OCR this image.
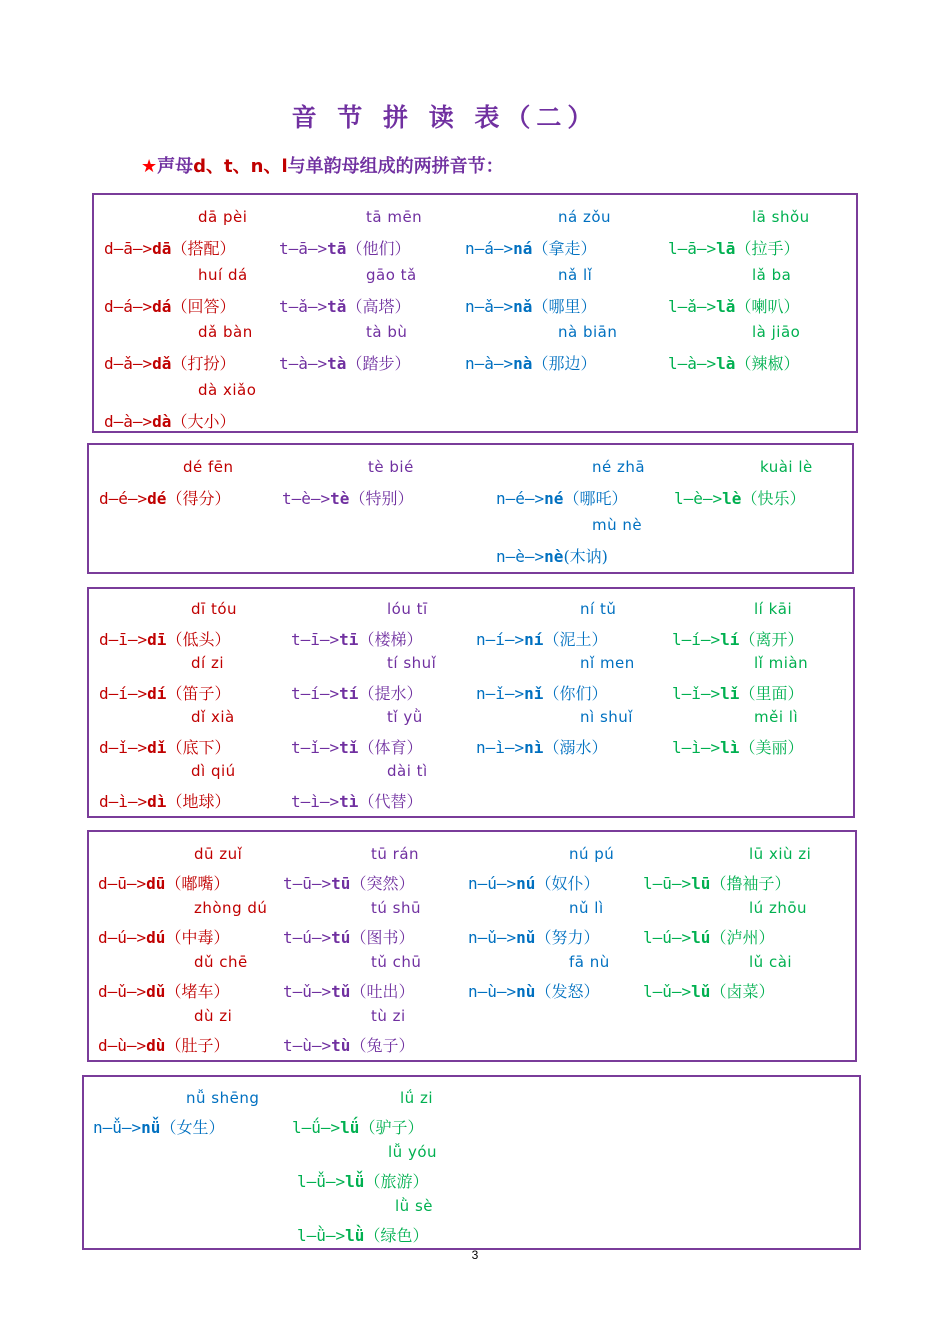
音 节 拼 读 表（二）
★声母d、t、n、l与单韵母组成的两拼音节：
dā pèi
d—ā—>dā（搭配）
huí dá
d—á—>dá（回答）
dǎ bàn
d—ǎ—>dǎ（打扮）
dà xiǎo
d—à—>dà（大小）
tā mēn
t—ā—>tā（他们）
gāo tǎ
t—ǎ—>tǎ（高塔）
tà bù
t—à—>tà（踏步）
ná zǒu
n—á—>ná（拿走）
nǎ lǐ
n—ǎ—>nǎ（哪里）
nà biān
n—à—>nà（那边）
lā shǒu
l—ā—>lā（拉手）
lǎ ba
l—ǎ—>lǎ（喇叭）
là jiāo
l—à—>là（辣椒）
dé fēn
d—é—>dé（得分）
tè bié
t—è—>tè（特别）
né zhā
n—é—>né（哪吒）
mù nè
n—è—>nè(木讷)
kuài lè
l—è—>lè（快乐）
dī tóu
d—ī—>dī（低头）
dí zi
d—í—>dí（笛子）
dǐ xià
d—ǐ—>dǐ（底下）
dì qiú
d—ì—>dì（地球）
lóu tī
t—ī—>tī（楼梯）
tí shuǐ
t—í—>tí（提水）
tǐ yǜ
t—ǐ—>tǐ（体育）
dài tì
t—ì—>tì（代替）
ní tǔ
n—í—>ní（泥土）
nǐ men
n—ǐ—>nǐ（你们）
nì shuǐ
n—ì—>nì（溺水）
lí kāi
l—í—>lí（离开）
lǐ miàn
l—ǐ—>lǐ（里面）
měi lì
l—ì—>lì（美丽）
dū zuǐ
d—ū—>dū（嘟嘴）
zhòng dú
d—ú—>dú（中毒）
dǔ chē
d—ǔ—>dǔ（堵车）
dù zi
d—ù—>dù（肚子）
tū rán
t—ū—>tū（突然）
tú shū
t—ú—>tú（图书）
tǔ chū
t—ǔ—>tǔ（吐出）
tù zi
t—ù—>tù（兔子）
nú pú
n—ú—>nú（奴仆）
nǔ lì
n—ǔ—>nǔ（努力）
fā nù
n—ù—>nù（发怒）
lū xiù zi
l—ū—>lū（撸袖子）
lú zhōu
l—ú—>lú（泸州）
lǔ cài
l—ǔ—>lǔ（卤菜）
nǚ shēng
n—ǚ—>nǚ（女生）
lǘ zi
l—ǘ—>lǘ（驴子）
lǚ yóu
l—ǚ—>lǚ（旅游）
lǜ sè
l—ǜ—>lǜ（绿色）
3
